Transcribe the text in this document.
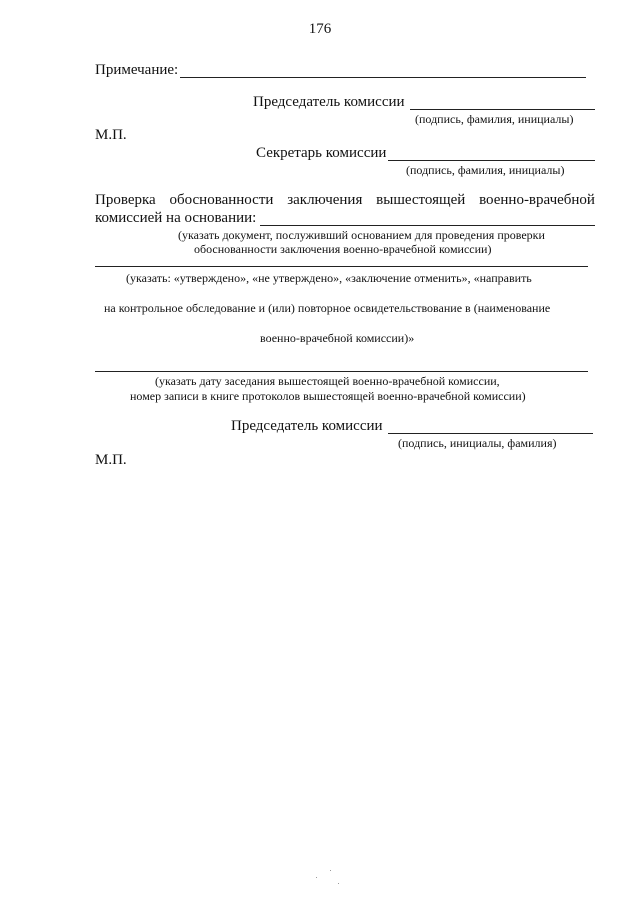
176
Примечание:
Председатель комиссии
(подпись, фамилия, инициалы)
М.П.
Секретарь комиссии
(подпись, фамилия, инициалы)
Проверка обоснованности заключения вышестоящей военно-врачебной
комиссией на основании:
(указать документ, послуживший основанием для проведения проверки
обоснованности заключения военно-врачебной комиссии)
(указать: «утверждено», «не утверждено», «заключение отменить», «направить
на контрольное обследование и (или) повторное освидетельствование в (наименование
военно-врачебной комиссии)»
(указать дату заседания вышестоящей военно-врачебной комиссии,
номер записи в книге протоколов вышестоящей военно-врачебной комиссии)
Председатель комиссии
(подпись, инициалы, фамилия)
М.П.
